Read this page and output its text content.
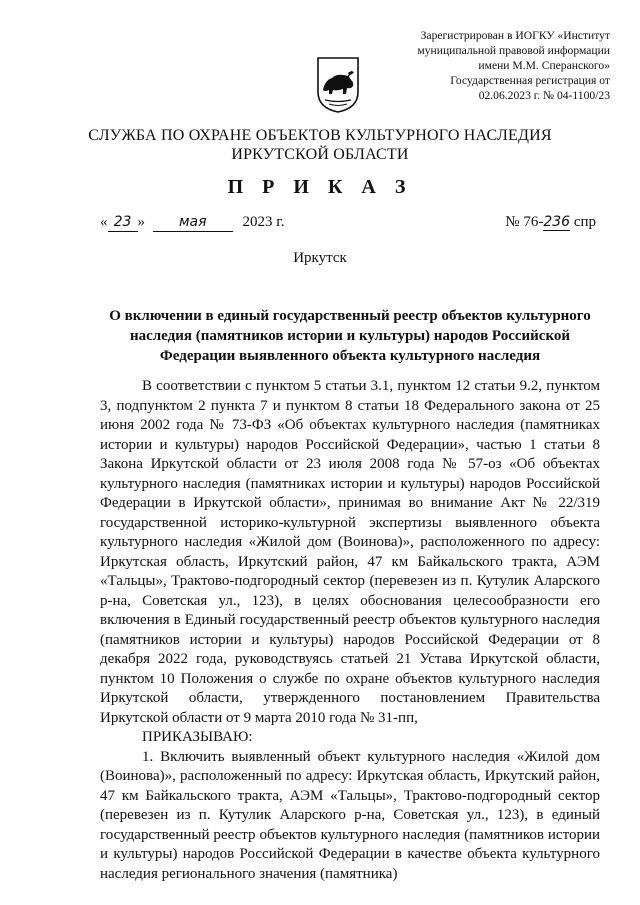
Зарегистрирован в ИОГКУ «Институт
муниципальной правовой информации
имени М.М. Сперанского»
Государственная регистрация от
02.06.2023 г. № 04-1100/23
СЛУЖБА ПО ОХРАНЕ ОБЪЕКТОВ КУЛЬТУРНОГО НАСЛЕДИЯ
ИРКУТСКОЙ ОБЛАСТИ
П Р И К А З
« 23 » мая 2023 г.	№ 76-236 спр
Иркутск
О включении в единый государственный реестр объектов культурного
наследия (памятников истории и культуры) народов Российской
Федерации выявленного объекта культурного наследия

В соответствии с пунктом 5 статьи 3.1, пунктом 12 статьи 9.2, пунктом 3, подпунктом 2 пункта 7 и пунктом 8 статьи 18 Федерального закона от 25 июня 2002 года № 73-ФЗ «Об объектах культурного наследия (памятниках истории и культуры) народов Российской Федерации», частью 1 статьи 8 Закона Иркутской области от 23 июля 2008 года № 57-оз «Об объектах культурного наследия (памятниках истории и культуры) народов Российской Федерации в Иркутской области», принимая во внимание Акт № 22/319 государственной историко-культурной экспертизы выявленного объекта культурного наследия «Жилой дом (Воинова)», расположенного по адресу: Иркутская область, Иркутский район, 47 км Байкальского тракта, АЭМ «Тальцы», Трактово-подгородный сектор (перевезен из п. Кутулик Аларского р-на, Советская ул., 123), в целях обоснования целесообразности его включения в Единый государственный реестр объектов культурного наследия (памятников истории и культуры) народов Российской Федерации от 8 декабря 2022 года, руководствуясь статьей 21 Устава Иркутской области, пунктом 10 Положения о службе по охране объектов культурного наследия Иркутской области, утвержденного постановлением Правительства Иркутской области от 9 марта 2010 года № 31-пп,

ПРИКАЗЫВАЮ:

1. Включить выявленный объект культурного наследия «Жилой дом (Воинова)», расположенный по адресу: Иркутская область, Иркутский район, 47 км Байкальского тракта, АЭМ «Тальцы», Трактово-подгородный сектор (перевезен из п. Кутулик Аларского р-на, Советская ул., 123), в единый государственный реестр объектов культурного наследия (памятников истории и культуры) народов Российской Федерации в качестве объекта культурного наследия регионального значения (памятника)
